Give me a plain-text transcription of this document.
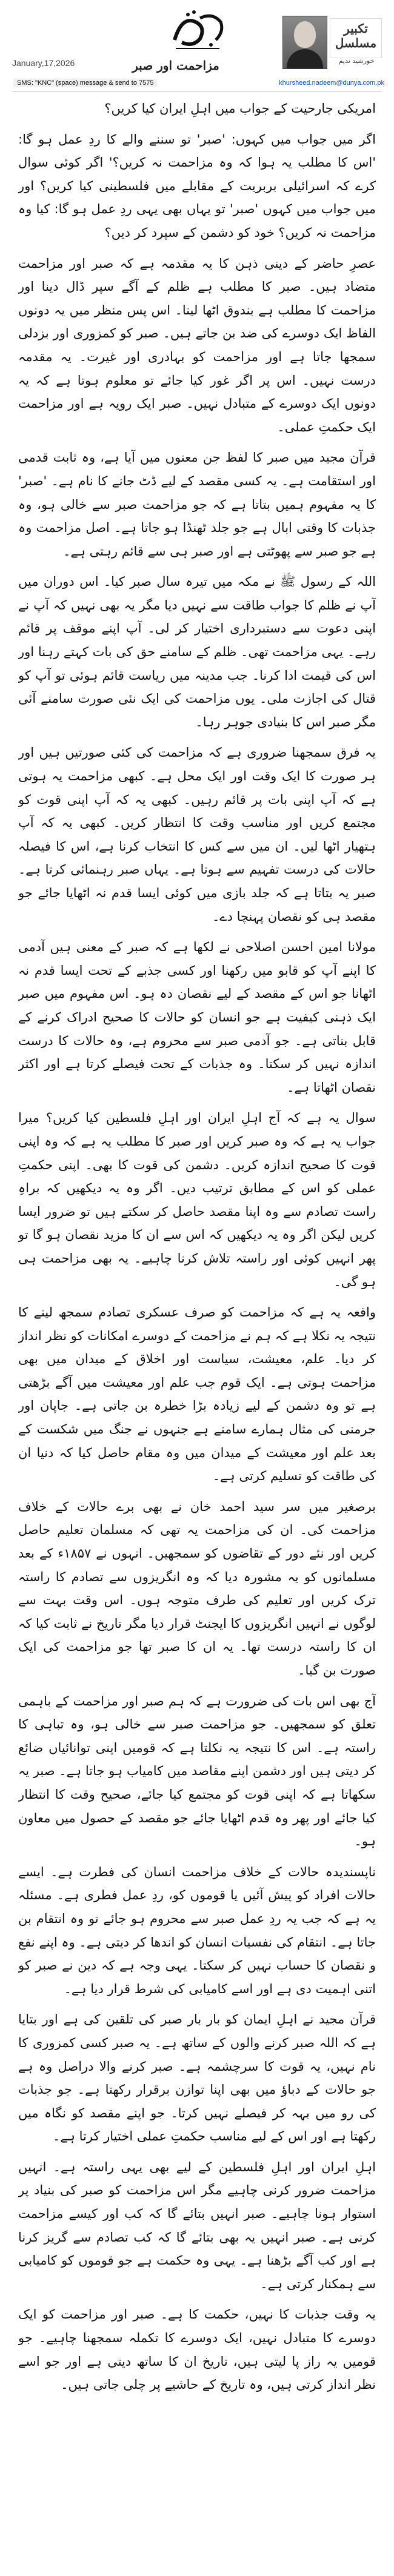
تکبیر مسلسل
خورشید ندیم
January,17,2026	مزاحمت اور صبر
SMS: "KNC" (space) message & send to 7575	khursheed.nadeem@dunya.com.pk

امریکی جارحیت کے جواب میں اہلِ ایران کیا کریں؟

اگر میں جواب میں کہوں: 'صبر' تو سننے والے کا ردِ عمل ہو گا: 'اس کا مطلب یہ ہوا کہ وہ مزاحمت نہ کریں؟' اگر کوئی سوال کرے کہ اسرائیلی بربریت کے مقابلے میں فلسطینی کیا کریں؟ اور میں جواب میں کہوں 'صبر' تو یہاں بھی یہی ردِ عمل ہو گا: کیا وہ مزاحمت نہ کریں؟ خود کو دشمن کے سپرد کر دیں؟

عصرِ حاضر کے دینی ذہن کا یہ مقدمہ ہے کہ صبر اور مزاحمت متضاد ہیں۔ صبر کا مطلب ہے ظلم کے آگے سپر ڈال دینا اور مزاحمت کا مطلب ہے بندوق اٹھا لینا۔ اس پس منظر میں یہ دونوں الفاظ ایک دوسرے کی ضد بن جاتے ہیں۔ صبر کو کمزوری اور بزدلی سمجھا جاتا ہے اور مزاحمت کو بہادری اور غیرت۔ یہ مقدمہ درست نہیں۔ اس پر اگر غور کیا جائے تو معلوم ہوتا ہے کہ یہ دونوں ایک دوسرے کے متبادل نہیں۔ صبر ایک رویہ ہے اور مزاحمت ایک حکمتِ عملی۔

قرآن مجید میں صبر کا لفظ جن معنوں میں آیا ہے، وہ ثابت قدمی اور استقامت ہے۔ یہ کسی مقصد کے لیے ڈٹ جانے کا نام ہے۔ 'صبر' کا یہ مفہوم ہمیں بتاتا ہے کہ جو مزاحمت صبر سے خالی ہو، وہ جذبات کا وقتی ابال ہے جو جلد ٹھنڈا ہو جاتا ہے۔ اصل مزاحمت وہ ہے جو صبر سے پھوٹتی ہے اور صبر ہی سے قائم رہتی ہے۔

اللہ کے رسول ﷺ نے مکہ میں تیرہ سال صبر کیا۔ اس دوران میں آپ نے ظلم کا جواب طاقت سے نہیں دیا مگر یہ بھی نہیں کہ آپ نے اپنی دعوت سے دستبرداری اختیار کر لی۔ آپ اپنے موقف پر قائم رہے۔ یہی مزاحمت تھی۔ ظلم کے سامنے حق کی بات کہتے رہنا اور اس کی قیمت ادا کرنا۔ جب مدینہ میں ریاست قائم ہوئی تو آپ کو قتال کی اجازت ملی۔ یوں مزاحمت کی ایک نئی صورت سامنے آئی مگر صبر اس کا بنیادی جوہر رہا۔

یہ فرق سمجھنا ضروری ہے کہ مزاحمت کی کئی صورتیں ہیں اور ہر صورت کا ایک وقت اور ایک محل ہے۔ کبھی مزاحمت یہ ہوتی ہے کہ آپ اپنی بات پر قائم رہیں۔ کبھی یہ کہ آپ اپنی قوت کو مجتمع کریں اور مناسب وقت کا انتظار کریں۔ کبھی یہ کہ آپ ہتھیار اٹھا لیں۔ ان میں سے کس کا انتخاب کرنا ہے، اس کا فیصلہ حالات کی درست تفہیم سے ہوتا ہے۔ یہاں صبر رہنمائی کرتا ہے۔ صبر یہ بتاتا ہے کہ جلد بازی میں کوئی ایسا قدم نہ اٹھایا جائے جو مقصد ہی کو نقصان پہنچا دے۔

مولانا امین احسن اصلاحی نے لکھا ہے کہ صبر کے معنی ہیں آدمی کا اپنے آپ کو قابو میں رکھنا اور کسی جذبے کے تحت ایسا قدم نہ اٹھانا جو اس کے مقصد کے لیے نقصان دہ ہو۔ اس مفہوم میں صبر ایک ذہنی کیفیت ہے جو انسان کو حالات کا صحیح ادراک کرنے کے قابل بناتی ہے۔ جو آدمی صبر سے محروم ہے، وہ حالات کا درست اندازہ نہیں کر سکتا۔ وہ جذبات کے تحت فیصلے کرتا ہے اور اکثر نقصان اٹھاتا ہے۔

سوال یہ ہے کہ آج اہلِ ایران اور اہلِ فلسطین کیا کریں؟ میرا جواب یہ ہے کہ وہ صبر کریں اور صبر کا مطلب یہ ہے کہ وہ اپنی قوت کا صحیح اندازہ کریں۔ دشمن کی قوت کا بھی۔ اپنی حکمتِ عملی کو اس کے مطابق ترتیب دیں۔ اگر وہ یہ دیکھیں کہ براہِ راست تصادم سے وہ اپنا مقصد حاصل کر سکتے ہیں تو ضرور ایسا کریں لیکن اگر وہ یہ دیکھیں کہ اس سے ان کا مزید نقصان ہو گا تو پھر انہیں کوئی اور راستہ تلاش کرنا چاہیے۔ یہ بھی مزاحمت ہی ہو گی۔

واقعہ یہ ہے کہ مزاحمت کو صرف عسکری تصادم سمجھ لینے کا نتیجہ یہ نکلا ہے کہ ہم نے مزاحمت کے دوسرے امکانات کو نظر انداز کر دیا۔ علم، معیشت، سیاست اور اخلاق کے میدان میں بھی مزاحمت ہوتی ہے۔ ایک قوم جب علم اور معیشت میں آگے بڑھتی ہے تو وہ دشمن کے لیے زیادہ بڑا خطرہ بن جاتی ہے۔ جاپان اور جرمنی کی مثال ہمارے سامنے ہے جنہوں نے جنگ میں شکست کے بعد علم اور معیشت کے میدان میں وہ مقام حاصل کیا کہ دنیا ان کی طاقت کو تسلیم کرتی ہے۔

برصغیر میں سر سید احمد خان نے بھی برے حالات کے خلاف مزاحمت کی۔ ان کی مزاحمت یہ تھی کہ مسلمان تعلیم حاصل کریں اور نئے دور کے تقاضوں کو سمجھیں۔ انہوں نے ۱۸۵۷ء کے بعد مسلمانوں کو یہ مشورہ دیا کہ وہ انگریزوں سے تصادم کا راستہ ترک کریں اور تعلیم کی طرف متوجہ ہوں۔ اس وقت بہت سے لوگوں نے انہیں انگریزوں کا ایجنٹ قرار دیا مگر تاریخ نے ثابت کیا کہ ان کا راستہ درست تھا۔ یہ ان کا صبر تھا جو مزاحمت کی ایک صورت بن گیا۔

آج بھی اس بات کی ضرورت ہے کہ ہم صبر اور مزاحمت کے باہمی تعلق کو سمجھیں۔ جو مزاحمت صبر سے خالی ہو، وہ تباہی کا راستہ ہے۔ اس کا نتیجہ یہ نکلتا ہے کہ قومیں اپنی توانائیاں ضائع کر دیتی ہیں اور دشمن اپنے مقاصد میں کامیاب ہو جاتا ہے۔ صبر یہ سکھاتا ہے کہ اپنی قوت کو مجتمع کیا جائے، صحیح وقت کا انتظار کیا جائے اور پھر وہ قدم اٹھایا جائے جو مقصد کے حصول میں معاون ہو۔

ناپسندیدہ حالات کے خلاف مزاحمت انسان کی فطرت ہے۔ ایسے حالات افراد کو پیش آئیں یا قوموں کو، ردِ عمل فطری ہے۔ مسئلہ یہ ہے کہ جب یہ ردِ عمل صبر سے محروم ہو جائے تو وہ انتقام بن جاتا ہے۔ انتقام کی نفسیات انسان کو اندھا کر دیتی ہے۔ وہ اپنے نفع و نقصان کا حساب نہیں کر سکتا۔ یہی وجہ ہے کہ دین نے صبر کو اتنی اہمیت دی ہے اور اسے کامیابی کی شرط قرار دیا ہے۔

قرآن مجید نے اہلِ ایمان کو بار بار صبر کی تلقین کی ہے اور بتایا ہے کہ اللہ صبر کرنے والوں کے ساتھ ہے۔ یہ صبر کسی کمزوری کا نام نہیں، یہ قوت کا سرچشمہ ہے۔ صبر کرنے والا دراصل وہ ہے جو حالات کے دباؤ میں بھی اپنا توازن برقرار رکھتا ہے۔ جو جذبات کی رو میں بہہ کر فیصلے نہیں کرتا۔ جو اپنے مقصد کو نگاہ میں رکھتا ہے اور اس کے لیے مناسب حکمتِ عملی اختیار کرتا ہے۔

اہلِ ایران اور اہلِ فلسطین کے لیے بھی یہی راستہ ہے۔ انہیں مزاحمت ضرور کرنی چاہیے مگر اس مزاحمت کو صبر کی بنیاد پر استوار ہونا چاہیے۔ صبر انہیں بتائے گا کہ کب اور کیسے مزاحمت کرنی ہے۔ صبر انہیں یہ بھی بتائے گا کہ کب تصادم سے گریز کرنا ہے اور کب آگے بڑھنا ہے۔ یہی وہ حکمت ہے جو قوموں کو کامیابی سے ہمکنار کرتی ہے۔

یہ وقت جذبات کا نہیں، حکمت کا ہے۔ صبر اور مزاحمت کو ایک دوسرے کا متبادل نہیں، ایک دوسرے کا تکملہ سمجھنا چاہیے۔ جو قومیں یہ راز پا لیتی ہیں، تاریخ ان کا ساتھ دیتی ہے اور جو اسے نظر انداز کرتی ہیں، وہ تاریخ کے حاشیے پر چلی جاتی ہیں۔
